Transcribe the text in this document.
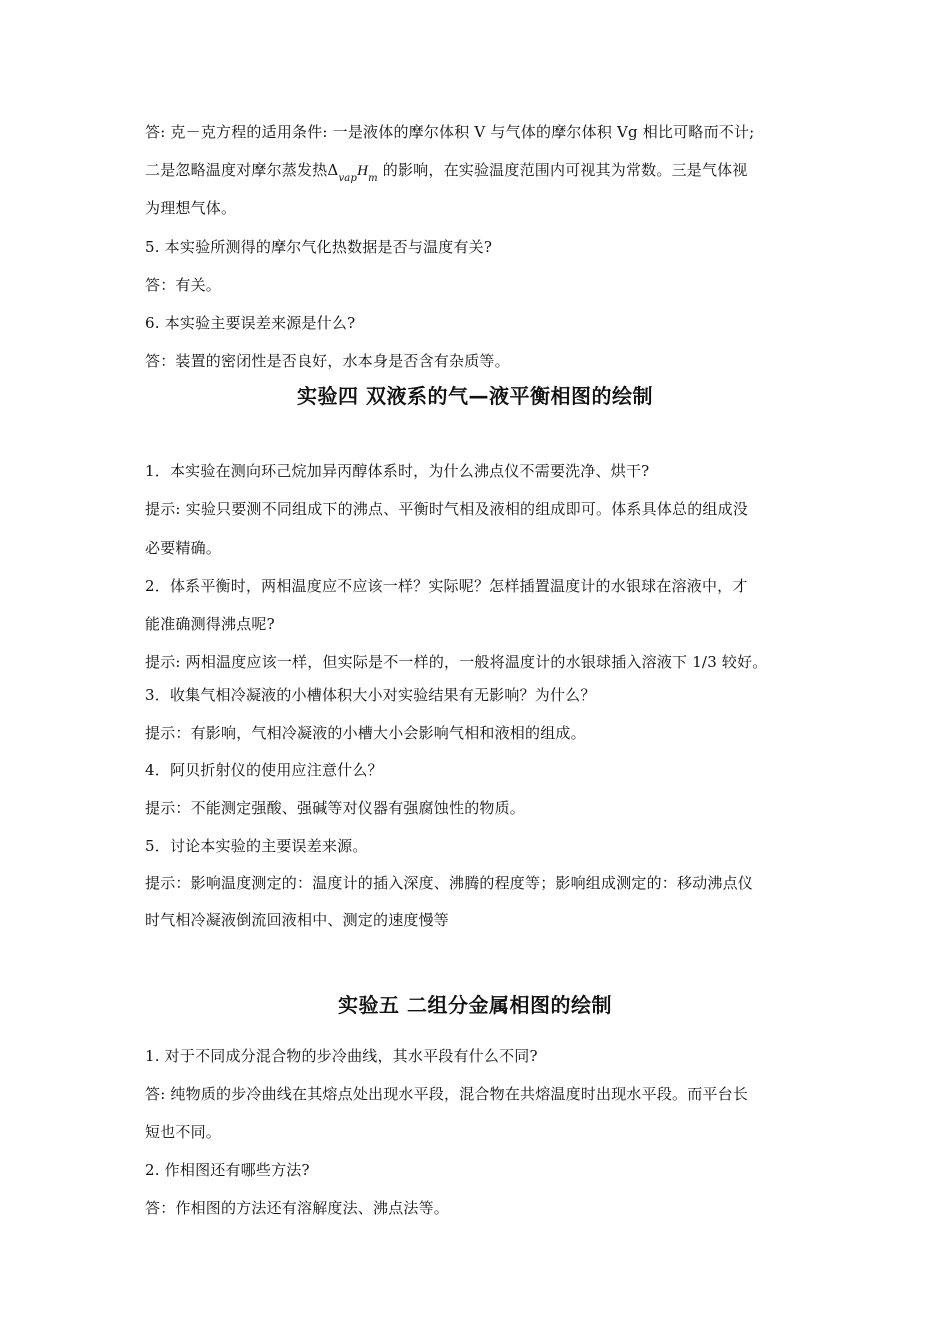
答: 克－克方程的适用条件: 一是液体的摩尔体积 V 与气体的摩尔体积 Vg 相比可略而不计;
二是忽略温度对摩尔蒸发热$\Delta_{vap}H_m$ 的影响，在实验温度范围内可视其为常数。三是气体视
为理想气体。
5. 本实验所测得的摩尔气化热数据是否与温度有关?
答：有关。
6. 本实验主要误差来源是什么?
答：装置的密闭性是否良好，水本身是否含有杂质等。
实验四 双液系的气—液平衡相图的绘制
1．本实验在测向环己烷加异丙醇体系时，为什么沸点仪不需要洗净、烘干?
提示: 实验只要测不同组成下的沸点、平衡时气相及液相的组成即可。体系具体总的组成没
必要精确。
2．体系平衡时，两相温度应不应该一样？实际呢？怎样插置温度计的水银球在溶液中，才
能准确测得沸点呢?
提示: 两相温度应该一样，但实际是不一样的，一般将温度计的水银球插入溶液下 1/3 较好。
3．收集气相冷凝液的小槽体积大小对实验结果有无影响？为什么？
提示：有影响，气相冷凝液的小槽大小会影响气相和液相的组成。
4．阿贝折射仪的使用应注意什么？
提示：不能测定强酸、强碱等对仪器有强腐蚀性的物质。
5．讨论本实验的主要误差来源。
提示：影响温度测定的：温度计的插入深度、沸腾的程度等；影响组成测定的：移动沸点仪
时气相冷凝液倒流回液相中、测定的速度慢等
实验五 二组分金属相图的绘制
1. 对于不同成分混合物的步冷曲线，其水平段有什么不同?
答: 纯物质的步冷曲线在其熔点处出现水平段，混合物在共熔温度时出现水平段。而平台长
短也不同。
2. 作相图还有哪些方法?
答：作相图的方法还有溶解度法、沸点法等。
